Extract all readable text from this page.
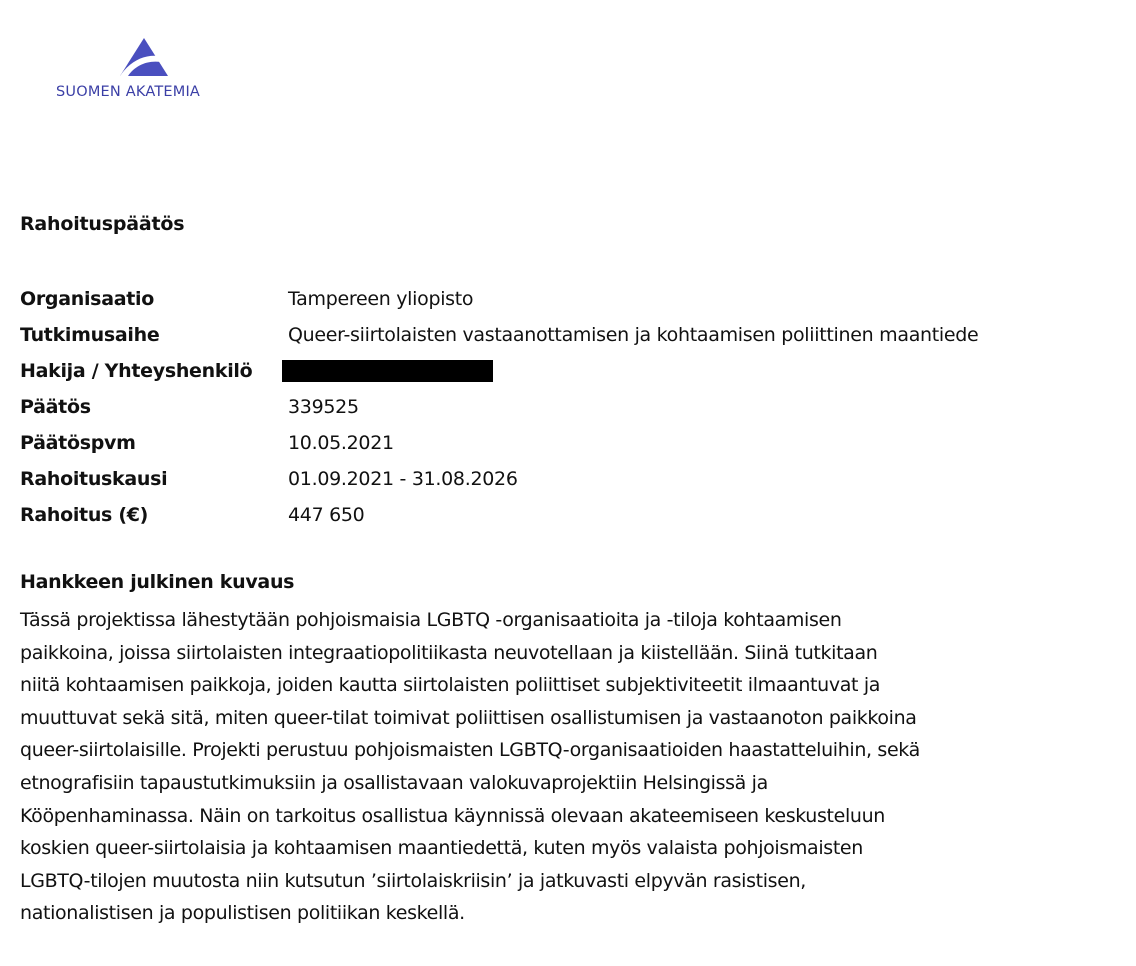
SUOMEN AKATEMIA
Rahoituspäätös
Organisaatio	Tampereen yliopisto
Tutkimusaihe	Queer-siirtolaisten vastaanottamisen ja kohtaamisen poliittinen maantiede
Hakija / Yhteyshenkilö
Päätös	339525
Päätöspvm	10.05.2021
Rahoituskausi	01.09.2021 - 31.08.2026
Rahoitus (€)	447 650
Hankkeen julkinen kuvaus
Tässä projektissa lähestytään pohjoismaisia LGBTQ -organisaatioita ja -tiloja kohtaamisen
paikkoina, joissa siirtolaisten integraatiopolitiikasta neuvotellaan ja kiistellään. Siinä tutkitaan
niitä kohtaamisen paikkoja, joiden kautta siirtolaisten poliittiset subjektiviteetit ilmaantuvat ja
muuttuvat sekä sitä, miten queer-tilat toimivat poliittisen osallistumisen ja vastaanoton paikkoina
queer-siirtolaisille. Projekti perustuu pohjoismaisten LGBTQ-organisaatioiden haastatteluihin, sekä
etnografisiin tapaustutkimuksiin ja osallistavaan valokuvaprojektiin Helsingissä ja
Kööpenhaminassa. Näin on tarkoitus osallistua käynnissä olevaan akateemiseen keskusteluun
koskien queer-siirtolaisia ja kohtaamisen maantiedettä, kuten myös valaista pohjoismaisten
LGBTQ-tilojen muutosta niin kutsutun ’siirtolaiskriisin’ ja jatkuvasti elpyvän rasistisen,
nationalistisen ja populistisen politiikan keskellä.
